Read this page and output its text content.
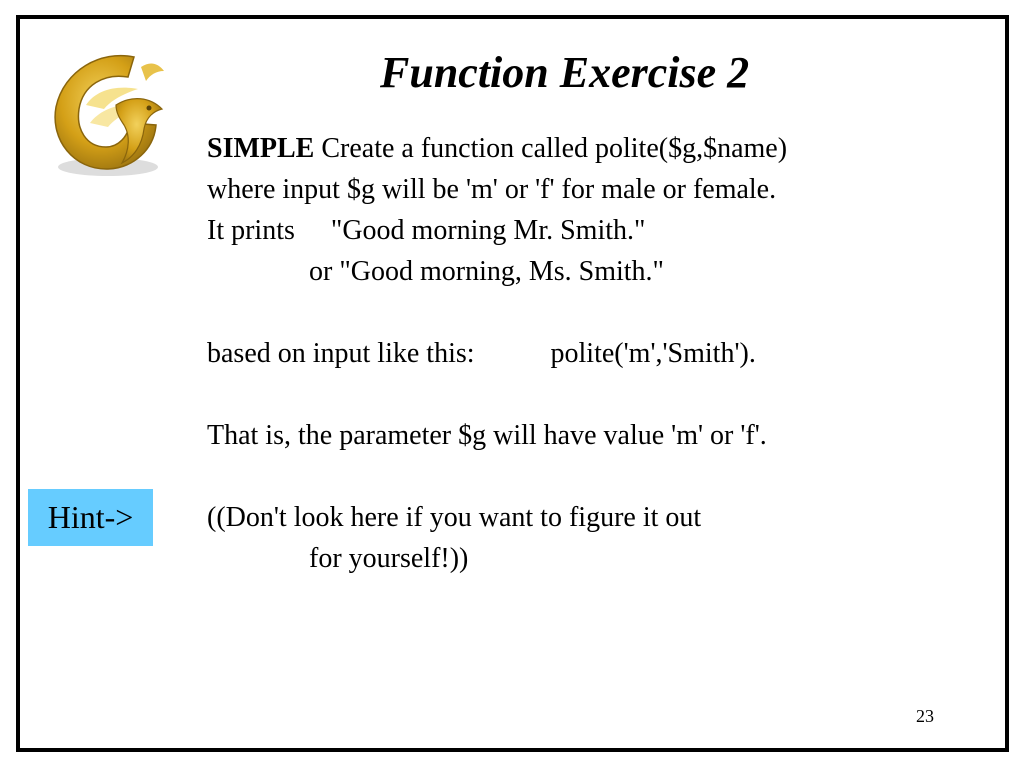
Function Exercise 2
SIMPLE Create a function called polite($g,$name)
where input $g will be 'm' or 'f' for male or female.
It prints "Good morning Mr. Smith."
or "Good morning, Ms. Smith."
based on input like this:	polite('m','Smith').
That is, the parameter $g will have value 'm' or 'f'.
((Don't look here if you want to figure it out
for yourself!))
Hint->
23
